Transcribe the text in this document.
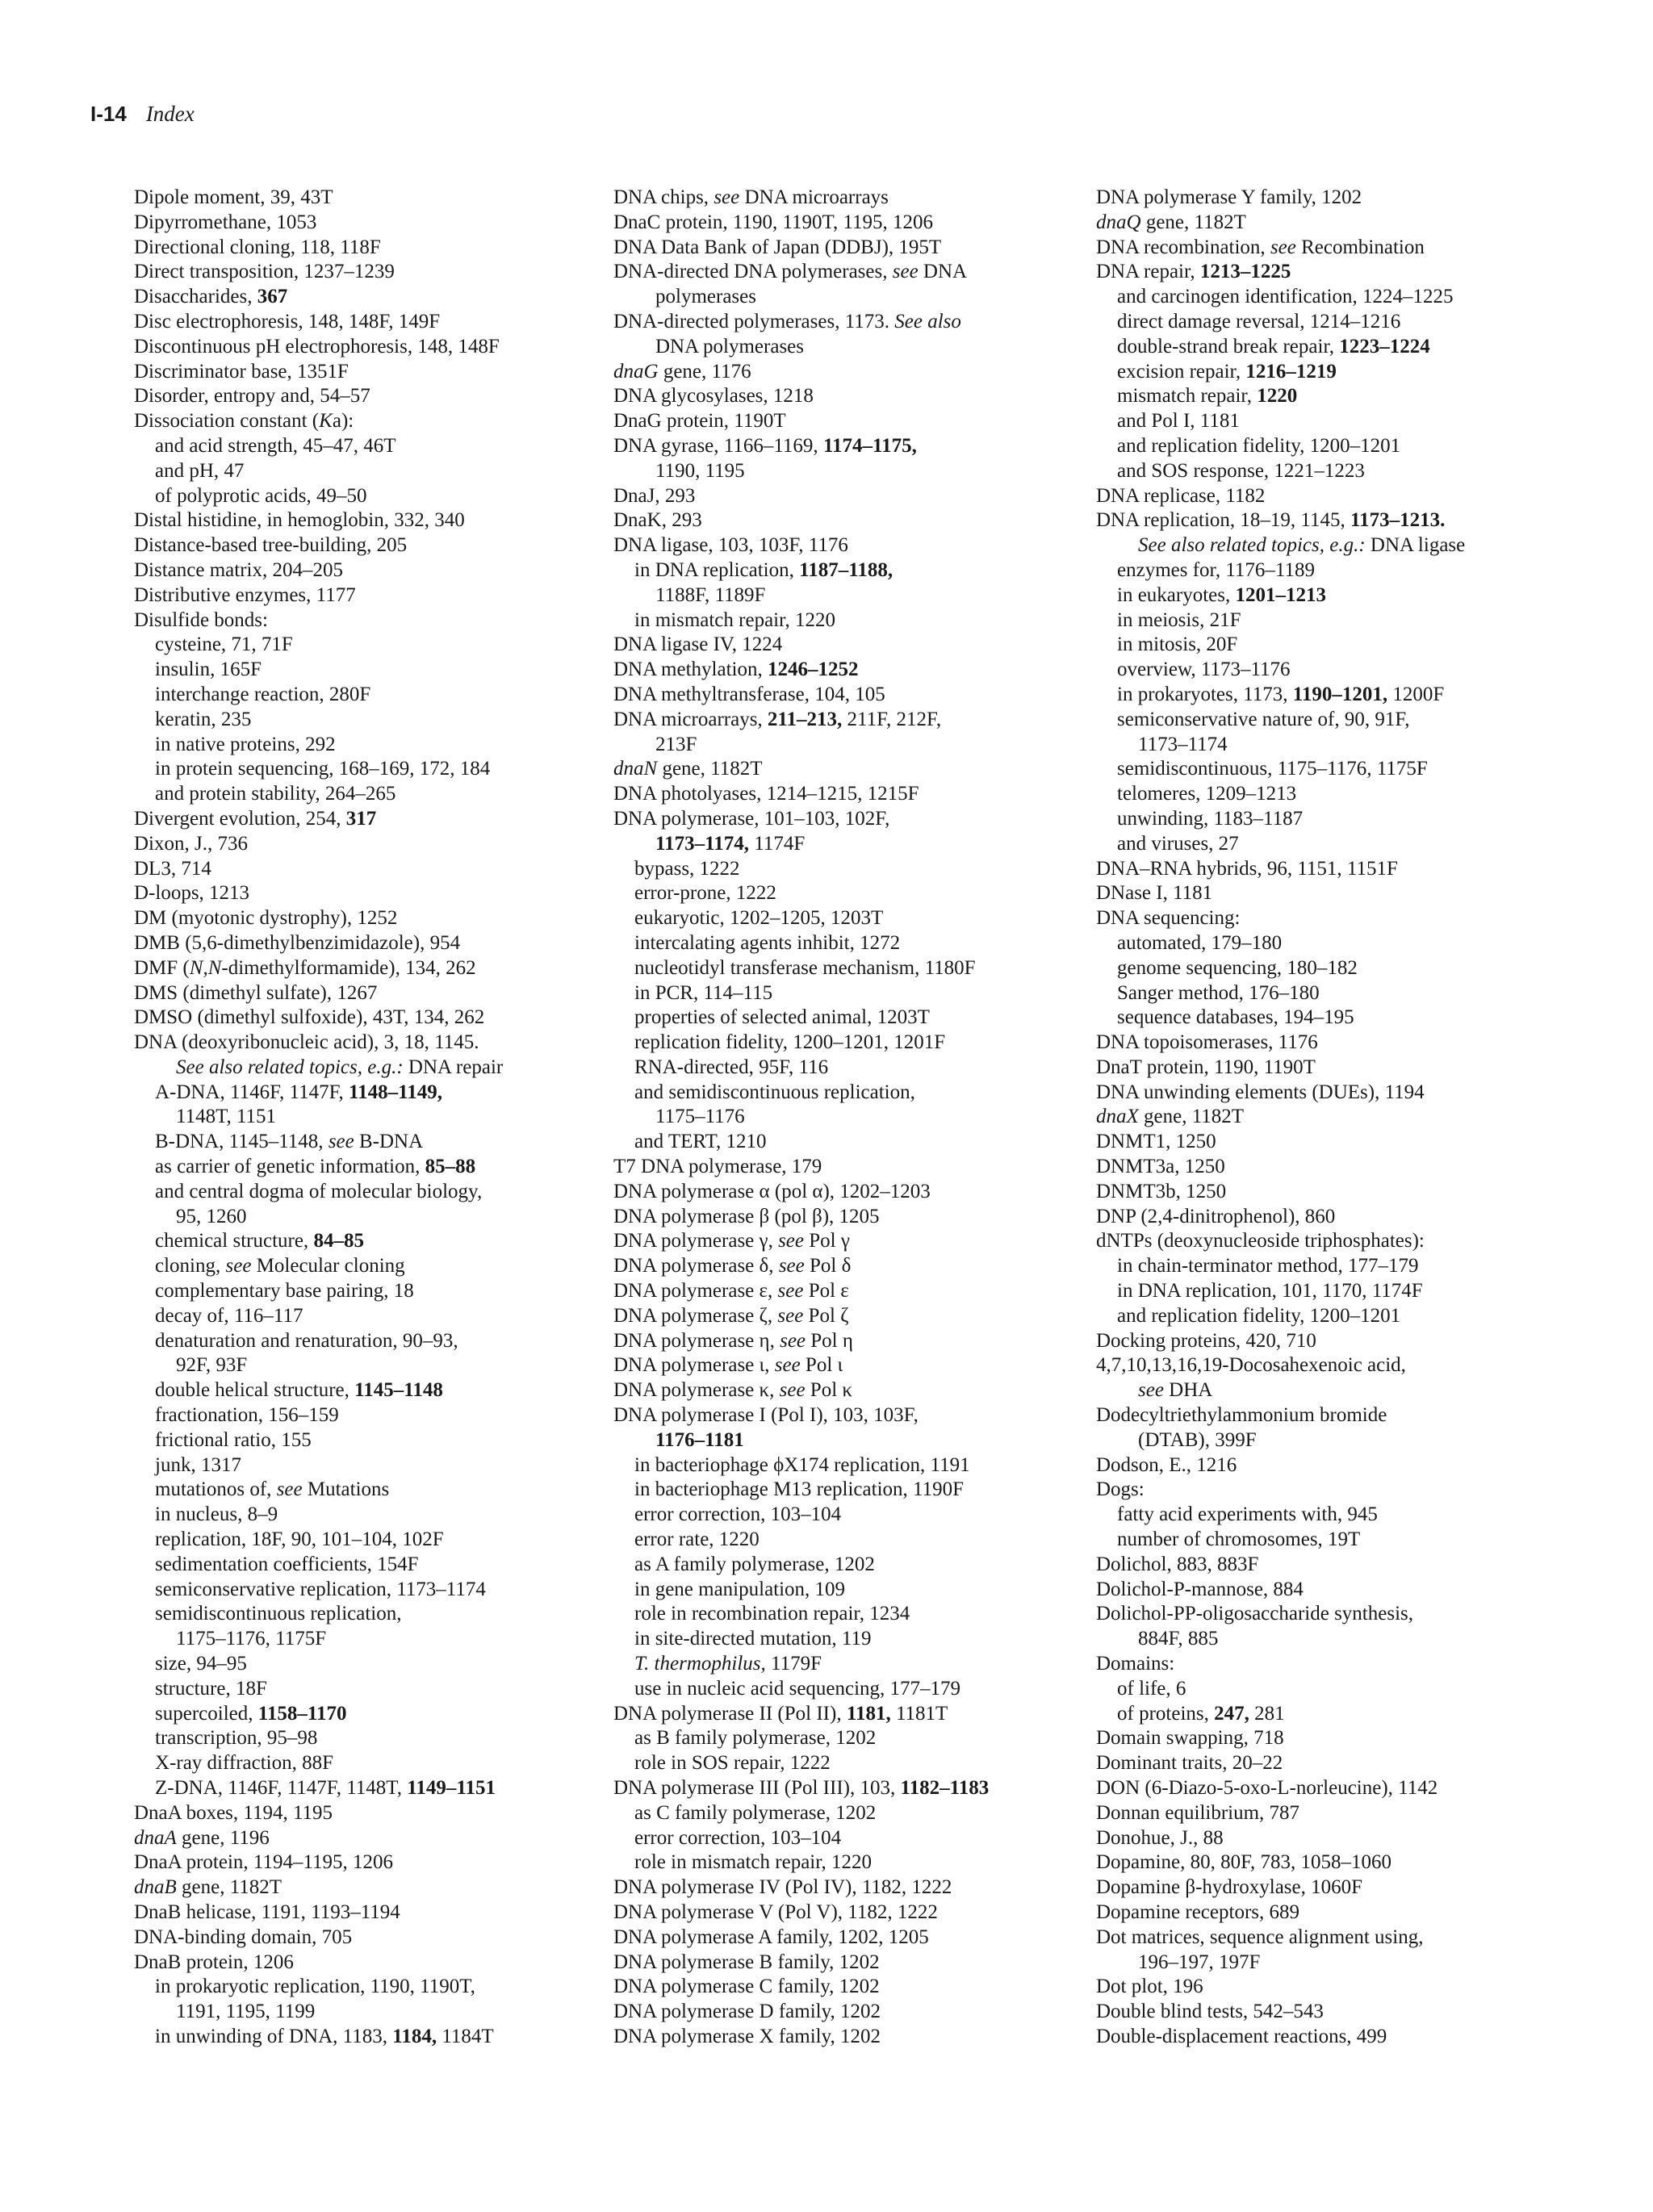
I-14 Index
Dipole moment, 39, 43T
Dipyrromethane, 1053
Directional cloning, 118, 118F
Direct transposition, 1237–1239
Disaccharides, 367
Disc electrophoresis, 148, 148F, 149F
Discontinuous pH electrophoresis, 148, 148F
Discriminator base, 1351F
Disorder, entropy and, 54–57
Dissociation constant (Ka):
and acid strength, 45–47, 46T
and pH, 47
of polyprotic acids, 49–50
Distal histidine, in hemoglobin, 332, 340
Distance-based tree-building, 205
Distance matrix, 204–205
Distributive enzymes, 1177
Disulfide bonds:
cysteine, 71, 71F
insulin, 165F
interchange reaction, 280F
keratin, 235
in native proteins, 292
in protein sequencing, 168–169, 172, 184
and protein stability, 264–265
Divergent evolution, 254, 317
Dixon, J., 736
DL3, 714
D-loops, 1213
DM (myotonic dystrophy), 1252
DMB (5,6-dimethylbenzimidazole), 954
DMF (N,N-dimethylformamide), 134, 262
DMS (dimethyl sulfate), 1267
DMSO (dimethyl sulfoxide), 43T, 134, 262
DNA (deoxyribonucleic acid), 3, 18, 1145.
See also related topics, e.g.: DNA repair
A-DNA, 1146F, 1147F, 1148–1149,
1148T, 1151
B-DNA, 1145–1148, see B-DNA
as carrier of genetic information, 85–88
and central dogma of molecular biology,
95, 1260
chemical structure, 84–85
cloning, see Molecular cloning
complementary base pairing, 18
decay of, 116–117
denaturation and renaturation, 90–93,
92F, 93F
double helical structure, 1145–1148
fractionation, 156–159
frictional ratio, 155
junk, 1317
mutationos of, see Mutations
in nucleus, 8–9
replication, 18F, 90, 101–104, 102F
sedimentation coefficients, 154F
semiconservative replication, 1173–1174
semidiscontinuous replication,
1175–1176, 1175F
size, 94–95
structure, 18F
supercoiled, 1158–1170
transcription, 95–98
X-ray diffraction, 88F
Z-DNA, 1146F, 1147F, 1148T, 1149–1151
DnaA boxes, 1194, 1195
dnaA gene, 1196
DnaA protein, 1194–1195, 1206
dnaB gene, 1182T
DnaB helicase, 1191, 1193–1194
DNA-binding domain, 705
DnaB protein, 1206
in prokaryotic replication, 1190, 1190T,
1191, 1195, 1199
in unwinding of DNA, 1183, 1184, 1184T
DNA chips, see DNA microarrays
DnaC protein, 1190, 1190T, 1195, 1206
DNA Data Bank of Japan (DDBJ), 195T
DNA-directed DNA polymerases, see DNA
polymerases
DNA-directed polymerases, 1173. See also
DNA polymerases
dnaG gene, 1176
DNA glycosylases, 1218
DnaG protein, 1190T
DNA gyrase, 1166–1169, 1174–1175,
1190, 1195
DnaJ, 293
DnaK, 293
DNA ligase, 103, 103F, 1176
in DNA replication, 1187–1188,
1188F, 1189F
in mismatch repair, 1220
DNA ligase IV, 1224
DNA methylation, 1246–1252
DNA methyltransferase, 104, 105
DNA microarrays, 211–213, 211F, 212F,
213F
dnaN gene, 1182T
DNA photolyases, 1214–1215, 1215F
DNA polymerase, 101–103, 102F,
1173–1174, 1174F
bypass, 1222
error-prone, 1222
eukaryotic, 1202–1205, 1203T
intercalating agents inhibit, 1272
nucleotidyl transferase mechanism, 1180F
in PCR, 114–115
properties of selected animal, 1203T
replication fidelity, 1200–1201, 1201F
RNA-directed, 95F, 116
and semidiscontinuous replication,
1175–1176
and TERT, 1210
T7 DNA polymerase, 179
DNA polymerase α (pol α), 1202–1203
DNA polymerase β (pol β), 1205
DNA polymerase γ, see Pol γ
DNA polymerase δ, see Pol δ
DNA polymerase ε, see Pol ε
DNA polymerase ζ, see Pol ζ
DNA polymerase η, see Pol η
DNA polymerase ι, see Pol ι
DNA polymerase κ, see Pol κ
DNA polymerase I (Pol I), 103, 103F,
1176–1181
in bacteriophage ϕX174 replication, 1191
in bacteriophage M13 replication, 1190F
error correction, 103–104
error rate, 1220
as A family polymerase, 1202
in gene manipulation, 109
role in recombination repair, 1234
in site-directed mutation, 119
T. thermophilus, 1179F
use in nucleic acid sequencing, 177–179
DNA polymerase II (Pol II), 1181, 1181T
as B family polymerase, 1202
role in SOS repair, 1222
DNA polymerase III (Pol III), 103, 1182–1183
as C family polymerase, 1202
error correction, 103–104
role in mismatch repair, 1220
DNA polymerase IV (Pol IV), 1182, 1222
DNA polymerase V (Pol V), 1182, 1222
DNA polymerase A family, 1202, 1205
DNA polymerase B family, 1202
DNA polymerase C family, 1202
DNA polymerase D family, 1202
DNA polymerase X family, 1202
DNA polymerase Y family, 1202
dnaQ gene, 1182T
DNA recombination, see Recombination
DNA repair, 1213–1225
and carcinogen identification, 1224–1225
direct damage reversal, 1214–1216
double-strand break repair, 1223–1224
excision repair, 1216–1219
mismatch repair, 1220
and Pol I, 1181
and replication fidelity, 1200–1201
and SOS response, 1221–1223
DNA replicase, 1182
DNA replication, 18–19, 1145, 1173–1213.
See also related topics, e.g.: DNA ligase
enzymes for, 1176–1189
in eukaryotes, 1201–1213
in meiosis, 21F
in mitosis, 20F
overview, 1173–1176
in prokaryotes, 1173, 1190–1201, 1200F
semiconservative nature of, 90, 91F,
1173–1174
semidiscontinuous, 1175–1176, 1175F
telomeres, 1209–1213
unwinding, 1183–1187
and viruses, 27
DNA–RNA hybrids, 96, 1151, 1151F
DNase I, 1181
DNA sequencing:
automated, 179–180
genome sequencing, 180–182
Sanger method, 176–180
sequence databases, 194–195
DNA topoisomerases, 1176
DnaT protein, 1190, 1190T
DNA unwinding elements (DUEs), 1194
dnaX gene, 1182T
DNMT1, 1250
DNMT3a, 1250
DNMT3b, 1250
DNP (2,4-dinitrophenol), 860
dNTPs (deoxynucleoside triphosphates):
in chain-terminator method, 177–179
in DNA replication, 101, 1170, 1174F
and replication fidelity, 1200–1201
Docking proteins, 420, 710
4,7,10,13,16,19-Docosahexenoic acid,
see DHA
Dodecyltriethylammonium bromide
(DTAB), 399F
Dodson, E., 1216
Dogs:
fatty acid experiments with, 945
number of chromosomes, 19T
Dolichol, 883, 883F
Dolichol-P-mannose, 884
Dolichol-PP-oligosaccharide synthesis,
884F, 885
Domains:
of life, 6
of proteins, 247, 281
Domain swapping, 718
Dominant traits, 20–22
DON (6-Diazo-5-oxo-L-norleucine), 1142
Donnan equilibrium, 787
Donohue, J., 88
Dopamine, 80, 80F, 783, 1058–1060
Dopamine β-hydroxylase, 1060F
Dopamine receptors, 689
Dot matrices, sequence alignment using,
196–197, 197F
Dot plot, 196
Double blind tests, 542–543
Double-displacement reactions, 499
